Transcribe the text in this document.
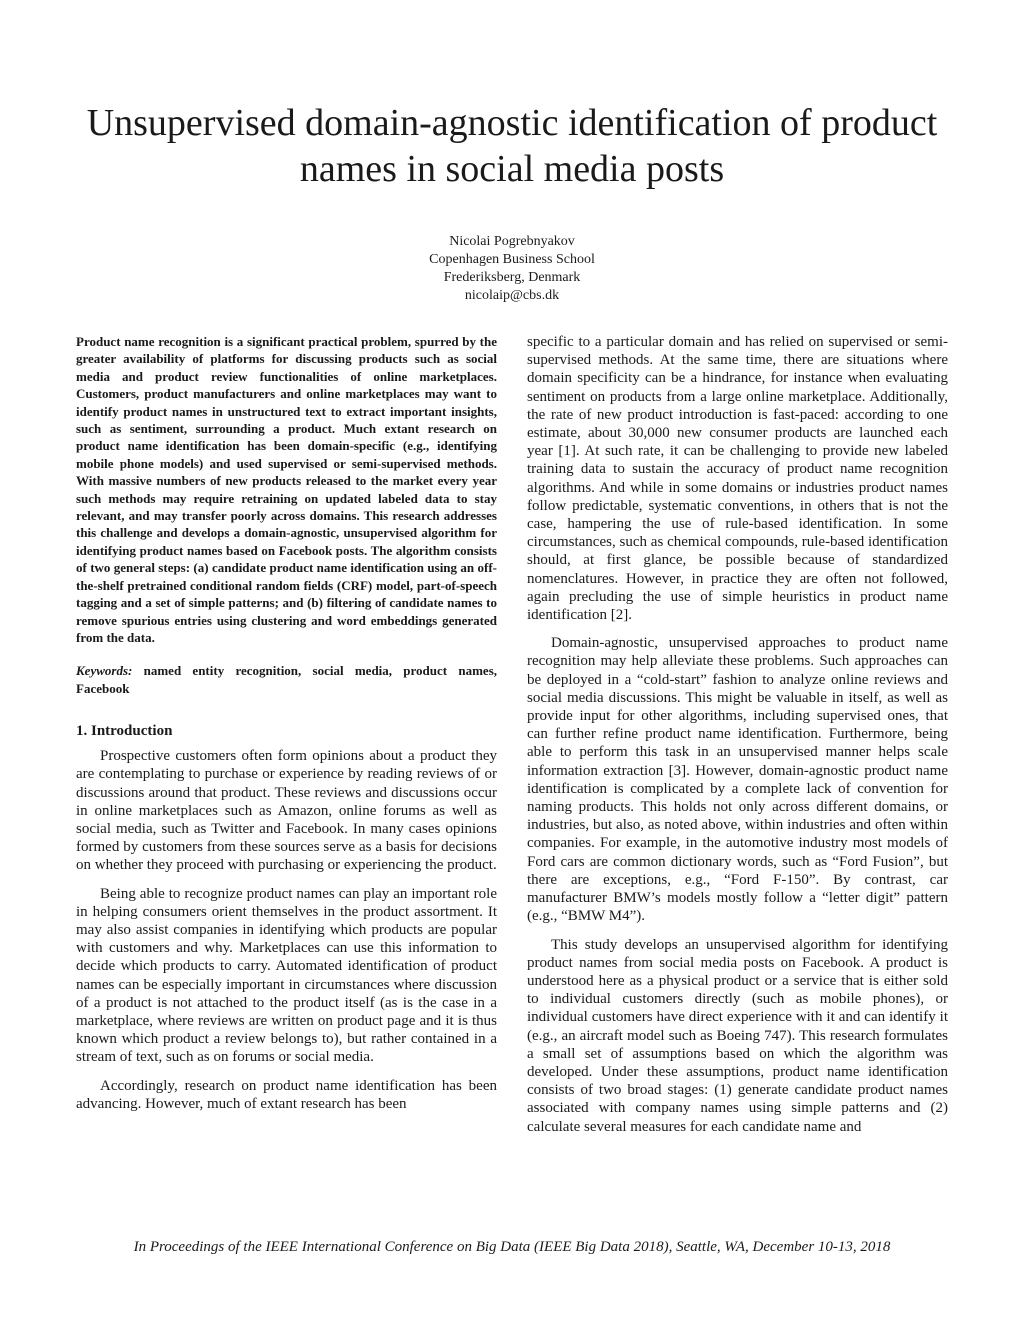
Unsupervised domain-agnostic identification of product names in social media posts
Nicolai Pogrebnyakov
Copenhagen Business School
Frederiksberg, Denmark
nicolaip@cbs.dk

Product name recognition is a significant practical problem, spurred by the greater availability of platforms for discussing products such as social media and product review functionalities of online marketplaces. Customers, product manufacturers and online marketplaces may want to identify product names in unstructured text to extract important insights, such as sentiment, surrounding a product. Much extant research on product name identification has been domain-specific (e.g., identifying mobile phone models) and used supervised or semi-supervised methods. With massive numbers of new products released to the market every year such methods may require retraining on updated labeled data to stay relevant, and may transfer poorly across domains. This research addresses this challenge and develops a domain-agnostic, unsupervised algorithm for identifying product names based on Facebook posts. The algorithm consists of two general steps: (a) candidate product name identification using an off-the-shelf pretrained conditional random fields (CRF) model, part-of-speech tagging and a set of simple patterns; and (b) filtering of candidate names to remove spurious entries using clustering and word embeddings generated from the data.

Keywords: named entity recognition, social media, product names, Facebook

1. Introduction

Prospective customers often form opinions about a product they are contemplating to purchase or experience by reading reviews of or discussions around that product. These reviews and discussions occur in online marketplaces such as Amazon, online forums as well as social media, such as Twitter and Facebook. In many cases opinions formed by customers from these sources serve as a basis for decisions on whether they proceed with purchasing or experiencing the product.

Being able to recognize product names can play an important role in helping consumers orient themselves in the product assortment. It may also assist companies in identifying which products are popular with customers and why. Marketplaces can use this information to decide which products to carry. Automated identification of product names can be especially important in circumstances where discussion of a product is not attached to the product itself (as is the case in a marketplace, where reviews are written on product page and it is thus known which product a review belongs to), but rather contained in a stream of text, such as on forums or social media.

Accordingly, research on product name identification has been advancing. However, much of extant research has been

specific to a particular domain and has relied on supervised or semi-supervised methods. At the same time, there are situations where domain specificity can be a hindrance, for instance when evaluating sentiment on products from a large online marketplace. Additionally, the rate of new product introduction is fast-paced: according to one estimate, about 30,000 new consumer products are launched each year [1]. At such rate, it can be challenging to provide new labeled training data to sustain the accuracy of product name recognition algorithms. And while in some domains or industries product names follow predictable, systematic conventions, in others that is not the case, hampering the use of rule-based identification. In some circumstances, such as chemical compounds, rule-based identification should, at first glance, be possible because of standardized nomenclatures. However, in practice they are often not followed, again precluding the use of simple heuristics in product name identification [2].

Domain-agnostic, unsupervised approaches to product name recognition may help alleviate these problems. Such approaches can be deployed in a “cold-start” fashion to analyze online reviews and social media discussions. This might be valuable in itself, as well as provide input for other algorithms, including supervised ones, that can further refine product name identification. Furthermore, being able to perform this task in an unsupervised manner helps scale information extraction [3]. However, domain-agnostic product name identification is complicated by a complete lack of convention for naming products. This holds not only across different domains, or industries, but also, as noted above, within industries and often within companies. For example, in the automotive industry most models of Ford cars are common dictionary words, such as “Ford Fusion”, but there are exceptions, e.g., “Ford F-150”. By contrast, car manufacturer BMW’s models mostly follow a “letter digit” pattern (e.g., “BMW M4”).

This study develops an unsupervised algorithm for identifying product names from social media posts on Facebook. A product is understood here as a physical product or a service that is either sold to individual customers directly (such as mobile phones), or individual customers have direct experience with it and can identify it (e.g., an aircraft model such as Boeing 747). This research formulates a small set of assumptions based on which the algorithm was developed. Under these assumptions, product name identification consists of two broad stages: (1) generate candidate product names associated with company names using simple patterns and (2) calculate several measures for each candidate name and

In Proceedings of the IEEE International Conference on Big Data (IEEE Big Data 2018), Seattle, WA, December 10-13, 2018
